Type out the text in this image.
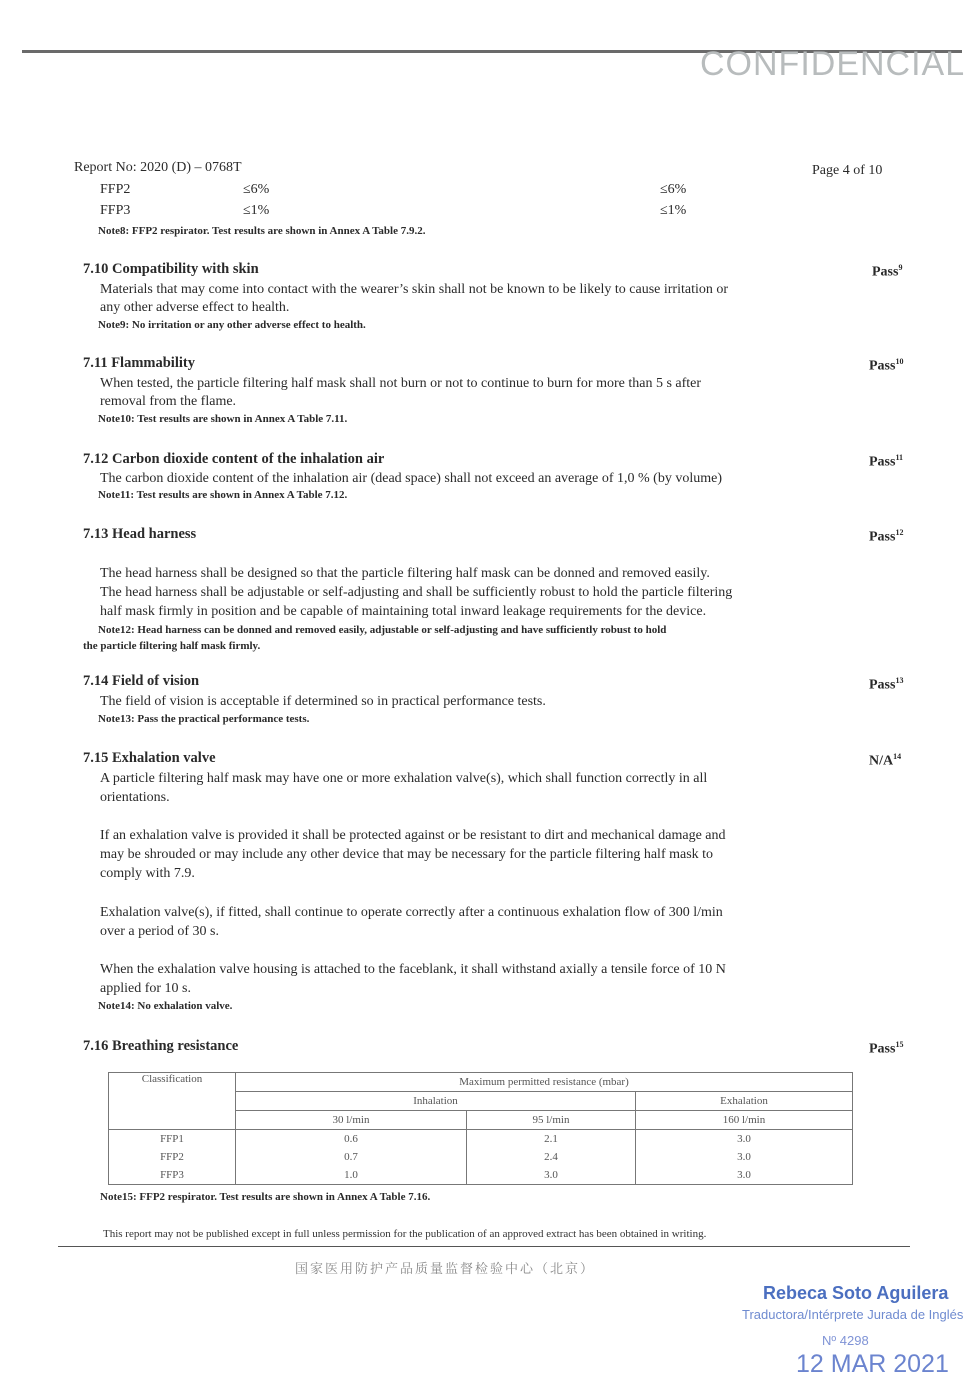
CONFIDENCIAL
Report No: 2020 (D) – 0768T	Page 4 of 10
FFP2	≤6%	≤6%
FFP3	≤1%	≤1%
Note8: FFP2 respirator. Test results are shown in Annex A Table 7.9.2.
7.10 Compatibility with skin	Pass$^9$
Materials that may come into contact with the wearer’s skin shall not be known to be likely to cause irritation or
any other adverse effect to health.
Note9: No irritation or any other adverse effect to health.
7.11 Flammability	Pass$^{10}$
When tested, the particle filtering half mask shall not burn or not to continue to burn for more than 5 s after
removal from the flame.
Note10: Test results are shown in Annex A Table 7.11.
7.12 Carbon dioxide content of the inhalation air	Pass$^{11}$
The carbon dioxide content of the inhalation air (dead space) shall not exceed an average of 1,0 % (by volume)
Note11: Test results are shown in Annex A Table 7.12.
7.13 Head harness	Pass$^{12}$
The head harness shall be designed so that the particle filtering half mask can be donned and removed easily.
The head harness shall be adjustable or self-adjusting and shall be sufficiently robust to hold the particle filtering
half mask firmly in position and be capable of maintaining total inward leakage requirements for the device.
Note12: Head harness can be donned and removed easily, adjustable or self-adjusting and have sufficiently robust to hold
the particle filtering half mask firmly.
7.14 Field of vision	Pass$^{13}$
The field of vision is acceptable if determined so in practical performance tests.
Note13: Pass the practical performance tests.
7.15 Exhalation valve	$N/A^{14}$
A particle filtering half mask may have one or more exhalation valve(s), which shall function correctly in all
orientations.
If an exhalation valve is provided it shall be protected against or be resistant to dirt and mechanical damage and
may be shrouded or may include any other device that may be necessary for the particle filtering half mask to
comply with 7.9.
Exhalation valve(s), if fitted, shall continue to operate correctly after a continuous exhalation flow of 300 l/min
over a period of 30 s.
When the exhalation valve housing is attached to the faceblank, it shall withstand axially a tensile force of 10 N
applied for 10 s.
Note14: No exhalation valve.
7.16 Breathing resistance	Pass$^{15}$
Classification	Maximum permitted resistance (mbar)		
	Inhalation		Exhalation
	30 l/min	95 l/min	160 l/min
FFP1	0.6	2.1	3.0
FFP2	0.7	2.4	3.0
FFP3	1.0	3.0	3.0
Note15: FFP2 respirator. Test results are shown in Annex A Table 7.16.
This report may not be published except in full unless permission for the publication of an approved extract has been obtained in writing.
国家医用防护产品质量监督检验中心（北京）
Rebeca Soto Aguilera
Traductora/Intérprete Jurada de Inglés
Nº 4298
12 MAR 2021
